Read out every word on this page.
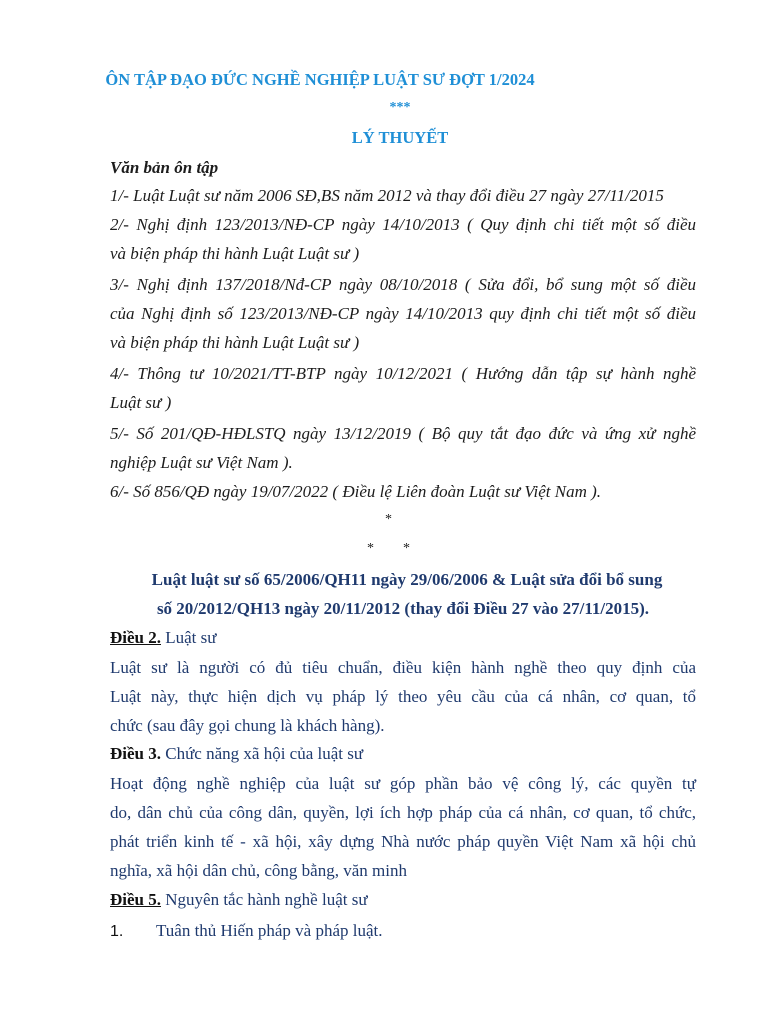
ÔN TẬP ĐẠO ĐỨC NGHỀ NGHIỆP LUẬT SƯ ĐỢT 1/2024
***
LÝ THUYẾT
Văn bản ôn tập
1/- Luật Luật sư năm 2006 SĐ,BS năm 2012 và thay đổi điều 27 ngày 27/11/2015
2/- Nghị định 123/2013/NĐ-CP ngày 14/10/2013 ( Quy định chi tiết một số điều
và biện pháp thi hành Luật Luật sư )
3/- Nghị định 137/2018/Nđ-CP ngày 08/10/2018 ( Sửa đổi, bổ sung một số điều
của Nghị định số 123/2013/NĐ-CP ngày 14/10/2013 quy định chi tiết một số điều
và biện pháp thi hành Luật Luật sư )
4/- Thông tư 10/2021/TT-BTP ngày 10/12/2021 ( Hướng dẫn tập sự hành nghề
Luật sư )
5/- Số 201/QĐ-HĐLSTQ ngày 13/12/2019 ( Bộ quy tắt đạo đức và ứng xử nghề
nghiệp Luật sư Việt Nam ).
6/- Số 856/QĐ ngày 19/07/2022 ( Điều lệ Liên đoàn Luật sư Việt Nam ).
*
* *
Luật luật sư số 65/2006/QH11 ngày 29/06/2006 & Luật sửa đổi bổ sung
số 20/2012/QH13 ngày 20/11/2012 (thay đổi Điều 27 vào 27/11/2015).
Điều 2. Luật sư
Luật sư là người có đủ tiêu chuẩn, điều kiện hành nghề theo quy định của
Luật này, thực hiện dịch vụ pháp lý theo yêu cầu của cá nhân, cơ quan, tổ
chức (sau đây gọi chung là khách hàng).
Điều 3. Chức năng xã hội của luật sư
Hoạt động nghề nghiệp của luật sư góp phần bảo vệ công lý, các quyền tự
do, dân chủ của công dân, quyền, lợi ích hợp pháp của cá nhân, cơ quan, tổ chức,
phát triển kinh tế - xã hội, xây dựng Nhà nước pháp quyền Việt Nam xã hội chủ
nghĩa, xã hội dân chủ, công bằng, văn minh
Điều 5. Nguyên tắc hành nghề luật sư
1. Tuân thủ Hiến pháp và pháp luật.
